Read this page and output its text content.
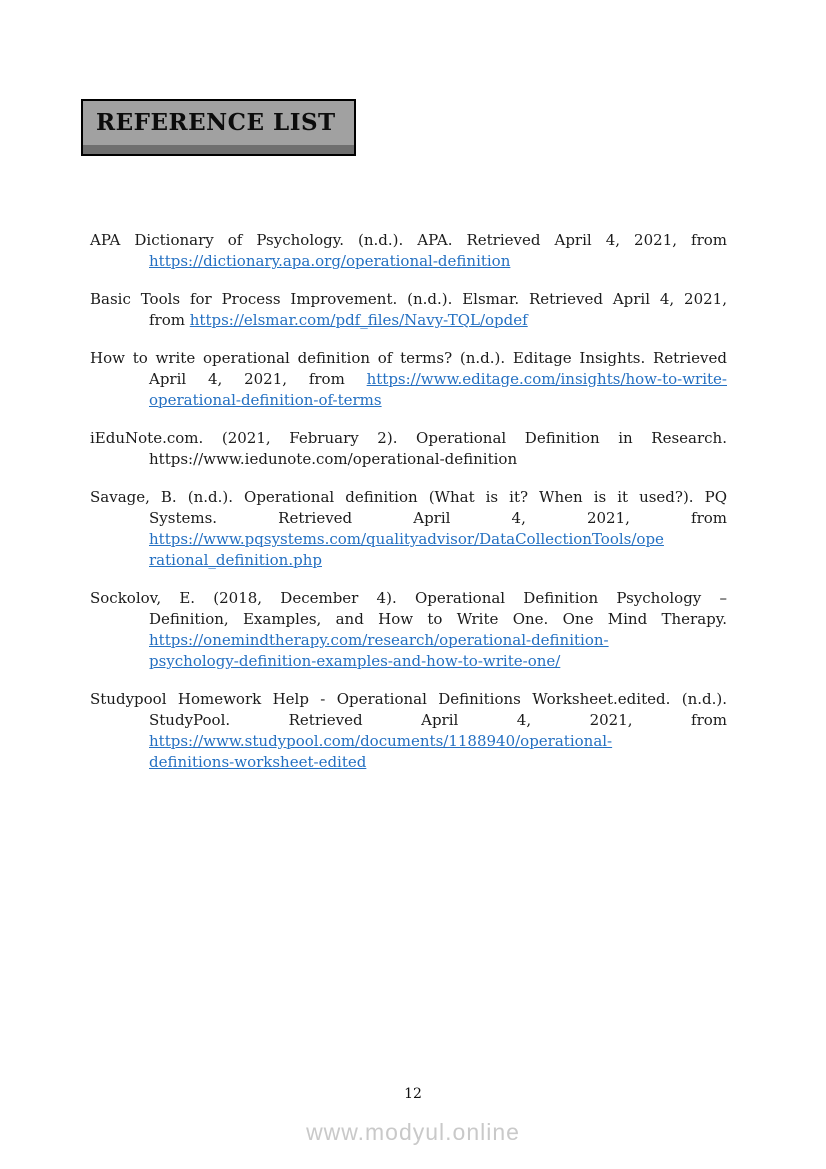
REFERENCE LIST
APA Dictionary of Psychology. (n.d.). APA. Retrieved April 4, 2021, from
https://dictionary.apa.org/operational-definition
Basic Tools for Process Improvement. (n.d.). Elsmar. Retrieved April 4, 2021,
from https://elsmar.com/pdf_files/Navy-TQL/opdef
How to write operational definition of terms? (n.d.). Editage Insights. Retrieved
April 4, 2021, from https://www.editage.com/insights/how-to-write-
operational-definition-of-terms
iEduNote.com. (2021, February 2). Operational Definition in Research.
https://www.iedunote.com/operational-definition
Savage, B. (n.d.). Operational definition (What is it? When is it used?). PQ
Systems. Retrieved April 4, 2021, from
https://www.pqsystems.com/qualityadvisor/DataCollectionTools/ope
rational_definition.php
Sockolov, E. (2018, December 4). Operational Definition Psychology –
Definition, Examples, and How to Write One. One Mind Therapy.
https://onemindtherapy.com/research/operational-definition-
psychology-definition-examples-and-how-to-write-one/
Studypool Homework Help - Operational Definitions Worksheet.edited. (n.d.).
StudyPool. Retrieved April 4, 2021, from
https://www.studypool.com/documents/1188940/operational-
definitions-worksheet-edited
12
www.modyul.online
